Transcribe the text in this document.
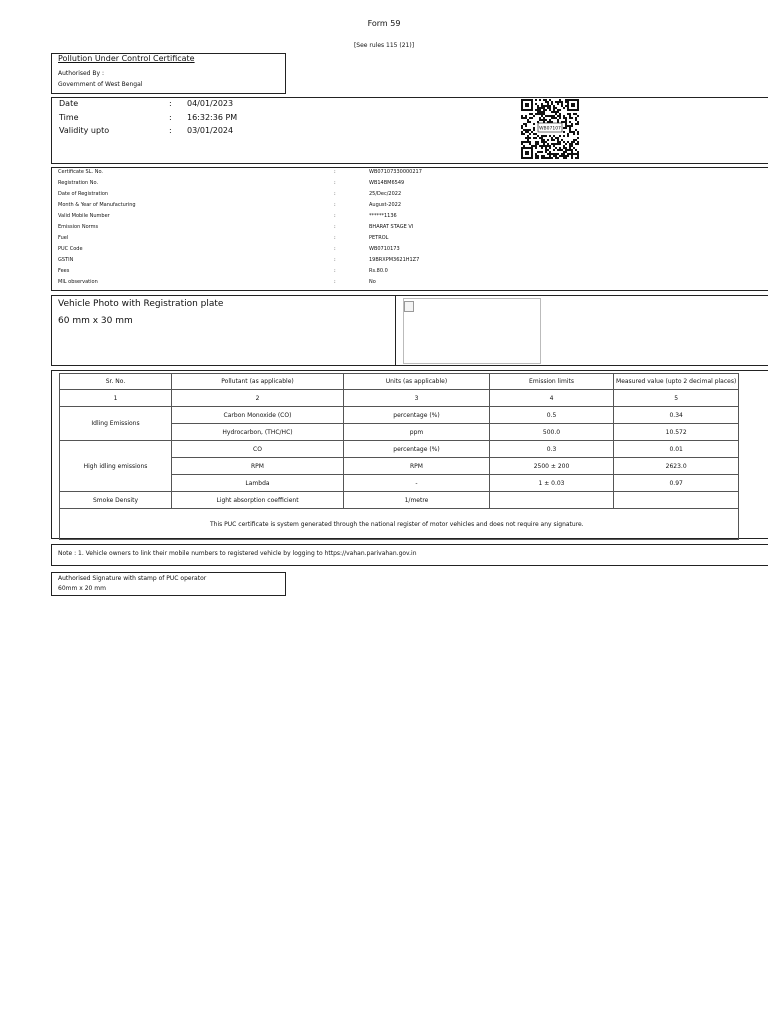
Form 59
[See rules 115 (21)]
Pollution Under Control Certificate
Authorised By :
Government of West Bengal
Date	: 04/01/2023
Time	: 16:32:36 PM
Validity upto	: 03/01/2024	WB07107
Certificate SL. No.	:	WB07107330000217
Registration No.	:	WB14BM6549
Date of Registration	:	25/Dec/2022
Month & Year of Manufacturing	:	August-2022
Valid Mobile Number	:	******1136
Emission Norms	:	BHARAT STAGE VI
Fuel	:	PETROL
PUC Code	:	WB0710173
GSTIN	:	19BRXPM3621H1Z7
Fees	:	Rs.80.0
MIL observation	:	No
Vehicle Photo with Registration plate
60 mm x 30 mm
Sr. No.	Pollutant (as applicable)	Units (as applicable)	Emission limits	Measured value (upto 2 decimal places)
1	2	3	4	5
Idling Emissions	Carbon Monoxide (CO)	percentage (%)	0.5	0.34
	Hydrocarbon, (THC/HC)	ppm	500.0	10.572
High idling emissions	CO	percentage (%)	0.3	0.01
	RPM	RPM	2500 ± 200	2623.0
	Lambda	-	1 ± 0.03	0.97
Smoke Density	Light absorption coefficient	1/metre		
This PUC certificate is system generated through the national register of motor vehicles and does not require any signature.				
Note : 1. Vehicle owners to link their mobile numbers to registered vehicle by logging to https://vahan.parivahan.gov.in
Authorised Signature with stamp of PUC operator
60mm x 20 mm
